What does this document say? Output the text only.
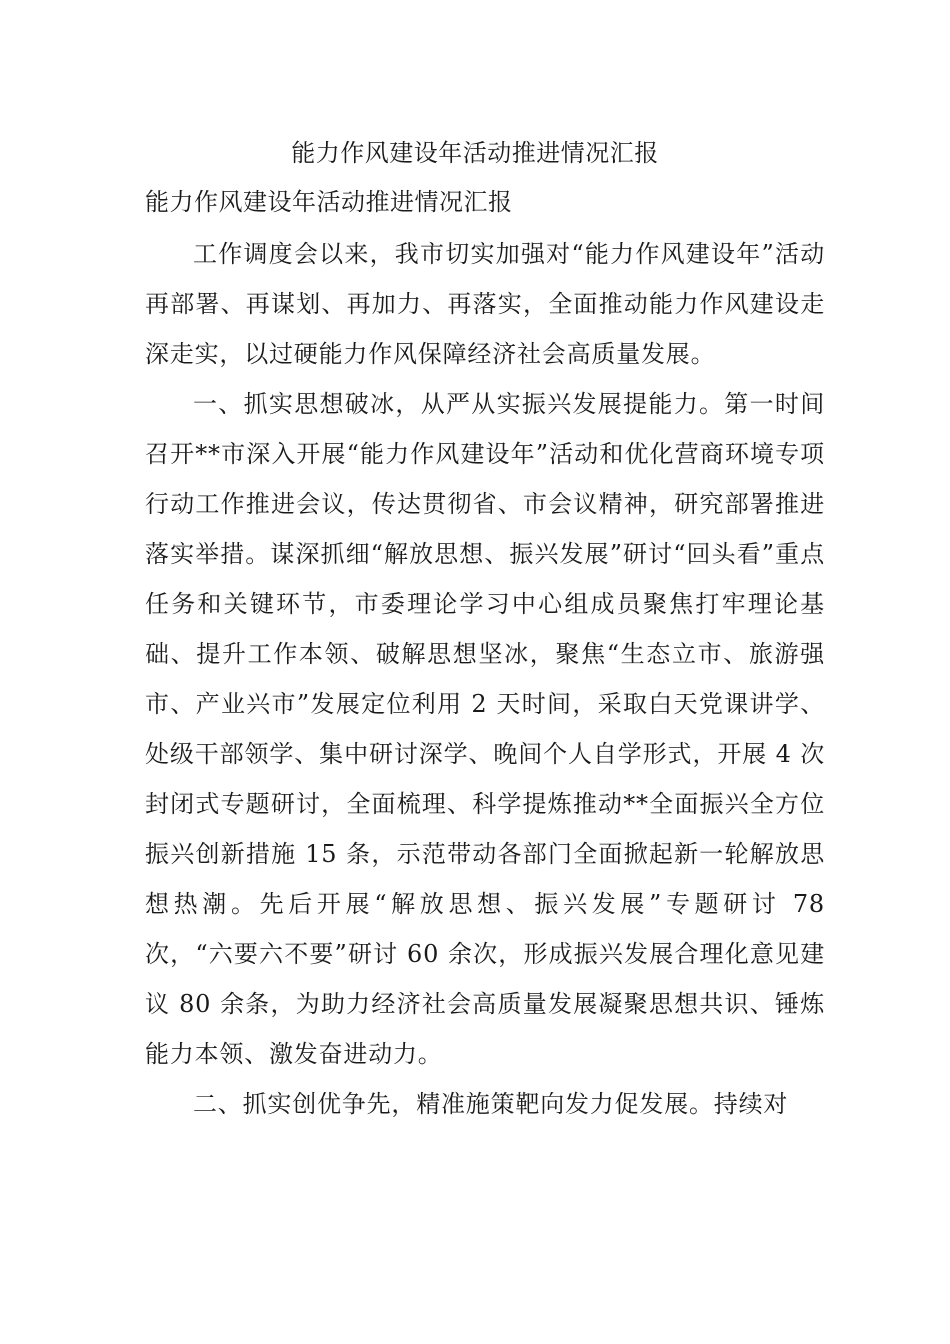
能力作风建设年活动推进情况汇报
能力作风建设年活动推进情况汇报

工作调度会以来，我市切实加强对“能力作风建设年”活动再部署、再谋划、再加力、再落实，全面推动能力作风建设走深走实，以过硬能力作风保障经济社会高质量发展。

一、抓实思想破冰，从严从实振兴发展提能力。第一时间召开**市深入开展“能力作风建设年”活动和优化营商环境专项行动工作推进会议，传达贯彻省、市会议精神，研究部署推进落实举措。谋深抓细“解放思想、振兴发展”研讨“回头看”重点任务和关键环节，市委理论学习中心组成员聚焦打牢理论基础、提升工作本领、破解思想坚冰，聚焦“生态立市、旅游强市、产业兴市”发展定位利用 2 天时间，采取白天党课讲学、处级干部领学、集中研讨深学、晚间个人自学形式，开展 4 次封闭式专题研讨，全面梳理、科学提炼推动**全面振兴全方位振兴创新措施 15 条，示范带动各部门全面掀起新一轮解放思想热潮。先后开展“解放思想、振兴发展”专题研讨 78 次，“六要六不要”研讨 60 余次，形成振兴发展合理化意见建议 80 余条，为助力经济社会高质量发展凝聚思想共识、锤炼能力本领、激发奋进动力。

二、抓实创优争先，精准施策靶向发力促发展。持续对
